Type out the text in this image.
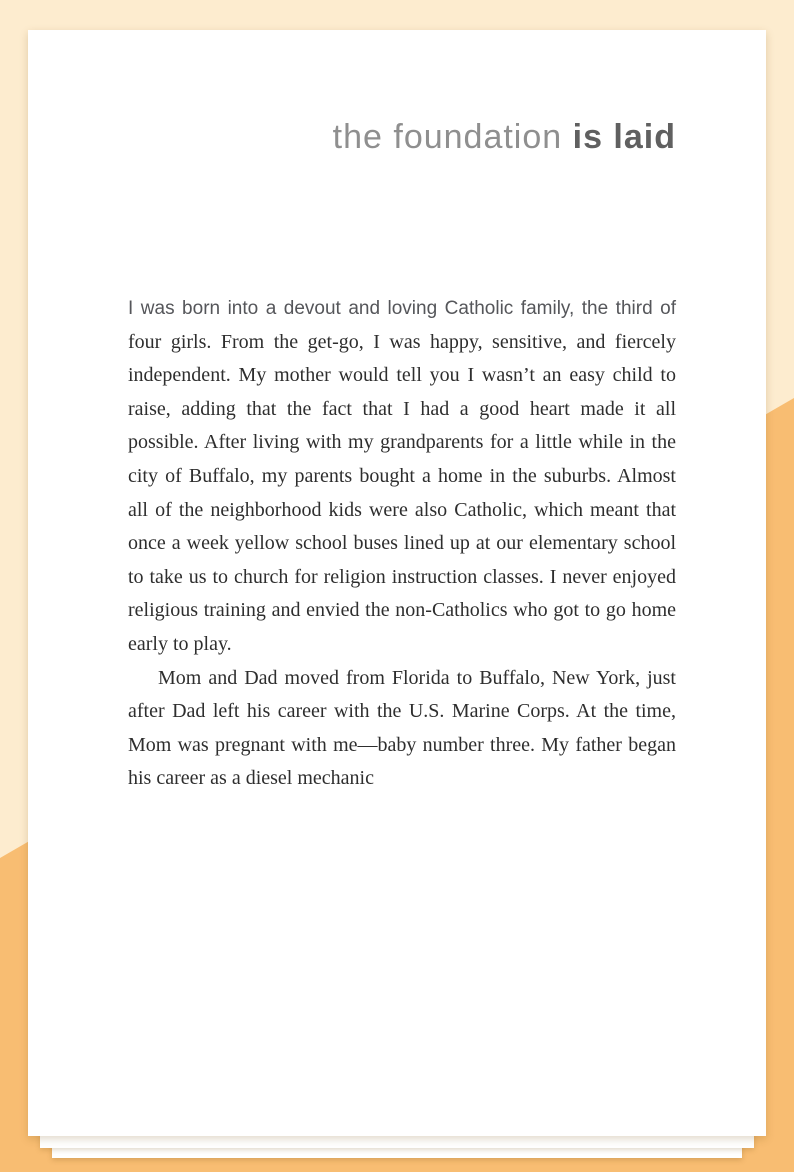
the foundation is laid

I was born into a devout and loving Catholic family, the third of four girls. From the get-go, I was happy, sensitive, and fiercely independent. My mother would tell you I wasn’t an easy child to raise, adding that the fact that I had a good heart made it all possible. After living with my grandparents for a little while in the city of Buffalo, my parents bought a home in the suburbs. Almost all of the neighborhood kids were also Catholic, which meant that once a week yellow school buses lined up at our elementary school to take us to church for religion instruction classes. I never enjoyed religious training and envied the non-Catholics who got to go home early to play.

Mom and Dad moved from Florida to Buffalo, New York, just after Dad left his career with the U.S. Marine Corps. At the time, Mom was pregnant with me—baby number three. My father began his career as a diesel mechanic
